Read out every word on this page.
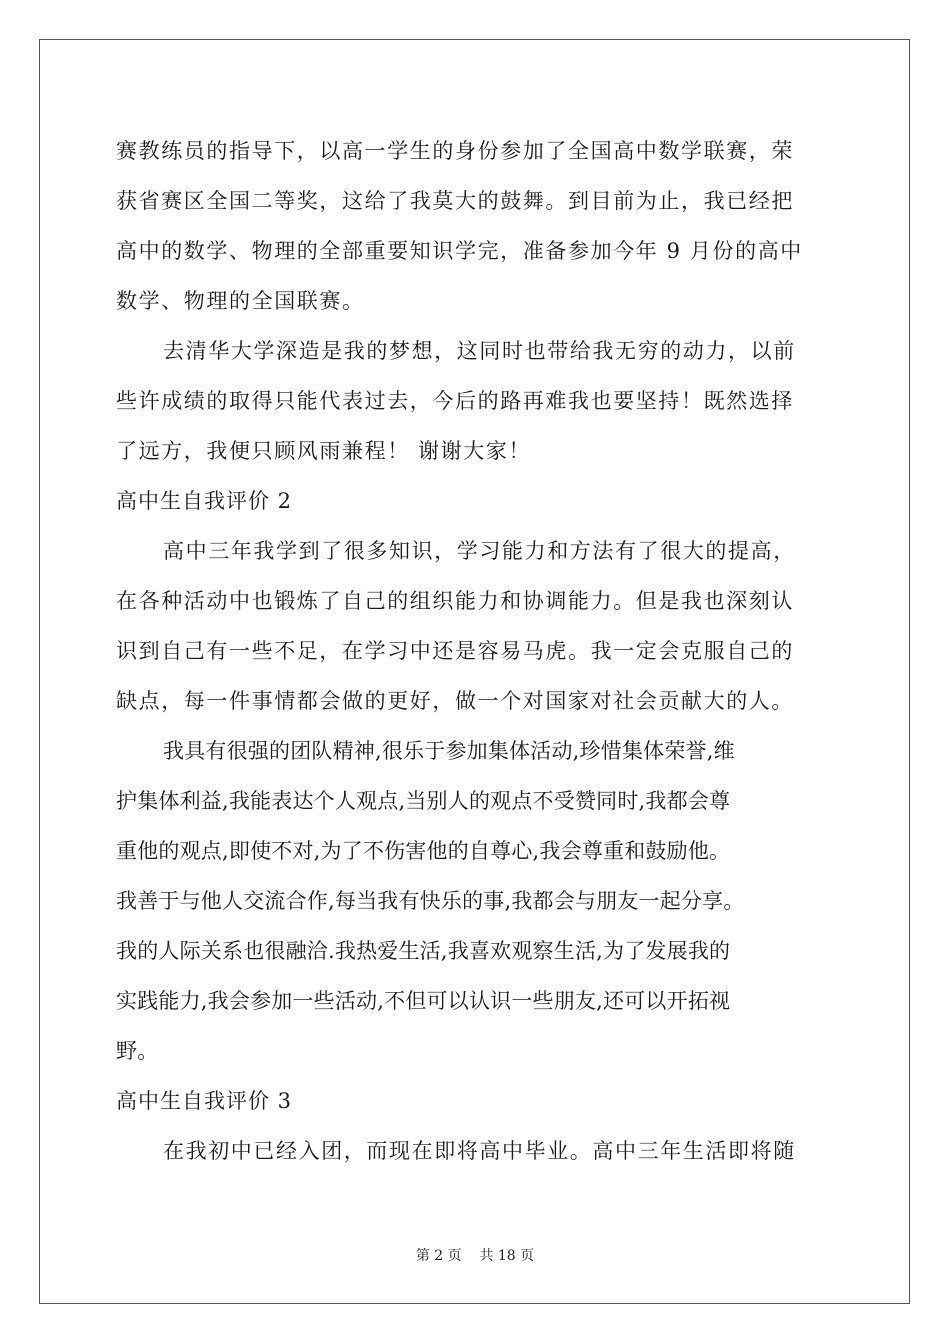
赛教练员的指导下，以高一学生的身份参加了全国高中数学联赛，荣
获省赛区全国二等奖，这给了我莫大的鼓舞。到目前为止，我已经把
高中的数学、物理的全部重要知识学完，准备参加今年 9 月份的高中
数学、物理的全国联赛。
去清华大学深造是我的梦想，这同时也带给我无穷的动力，以前
些许成绩的取得只能代表过去，今后的路再难我也要坚持！既然选择
了远方，我便只顾风雨兼程！ 谢谢大家！
高中生自我评价 2
高中三年我学到了很多知识，学习能力和方法有了很大的提高，
在各种活动中也锻炼了自己的组织能力和协调能力。但是我也深刻认
识到自己有一些不足，在学习中还是容易马虎。我一定会克服自己的
缺点，每一件事情都会做的更好，做一个对国家对社会贡献大的人。
我具有很强的团队精神,很乐于参加集体活动,珍惜集体荣誉,维
护集体利益,我能表达个人观点,当别人的观点不受赞同时,我都会尊
重他的观点,即使不对,为了不伤害他的自尊心,我会尊重和鼓励他。
我善于与他人交流合作,每当我有快乐的事,我都会与朋友一起分享。
我的人际关系也很融洽.我热爱生活,我喜欢观察生活,为了发展我的
实践能力,我会参加一些活动,不但可以认识一些朋友,还可以开拓视
野。
高中生自我评价 3
在我初中已经入团，而现在即将高中毕业。高中三年生活即将随
第 2 页 共 18 页
